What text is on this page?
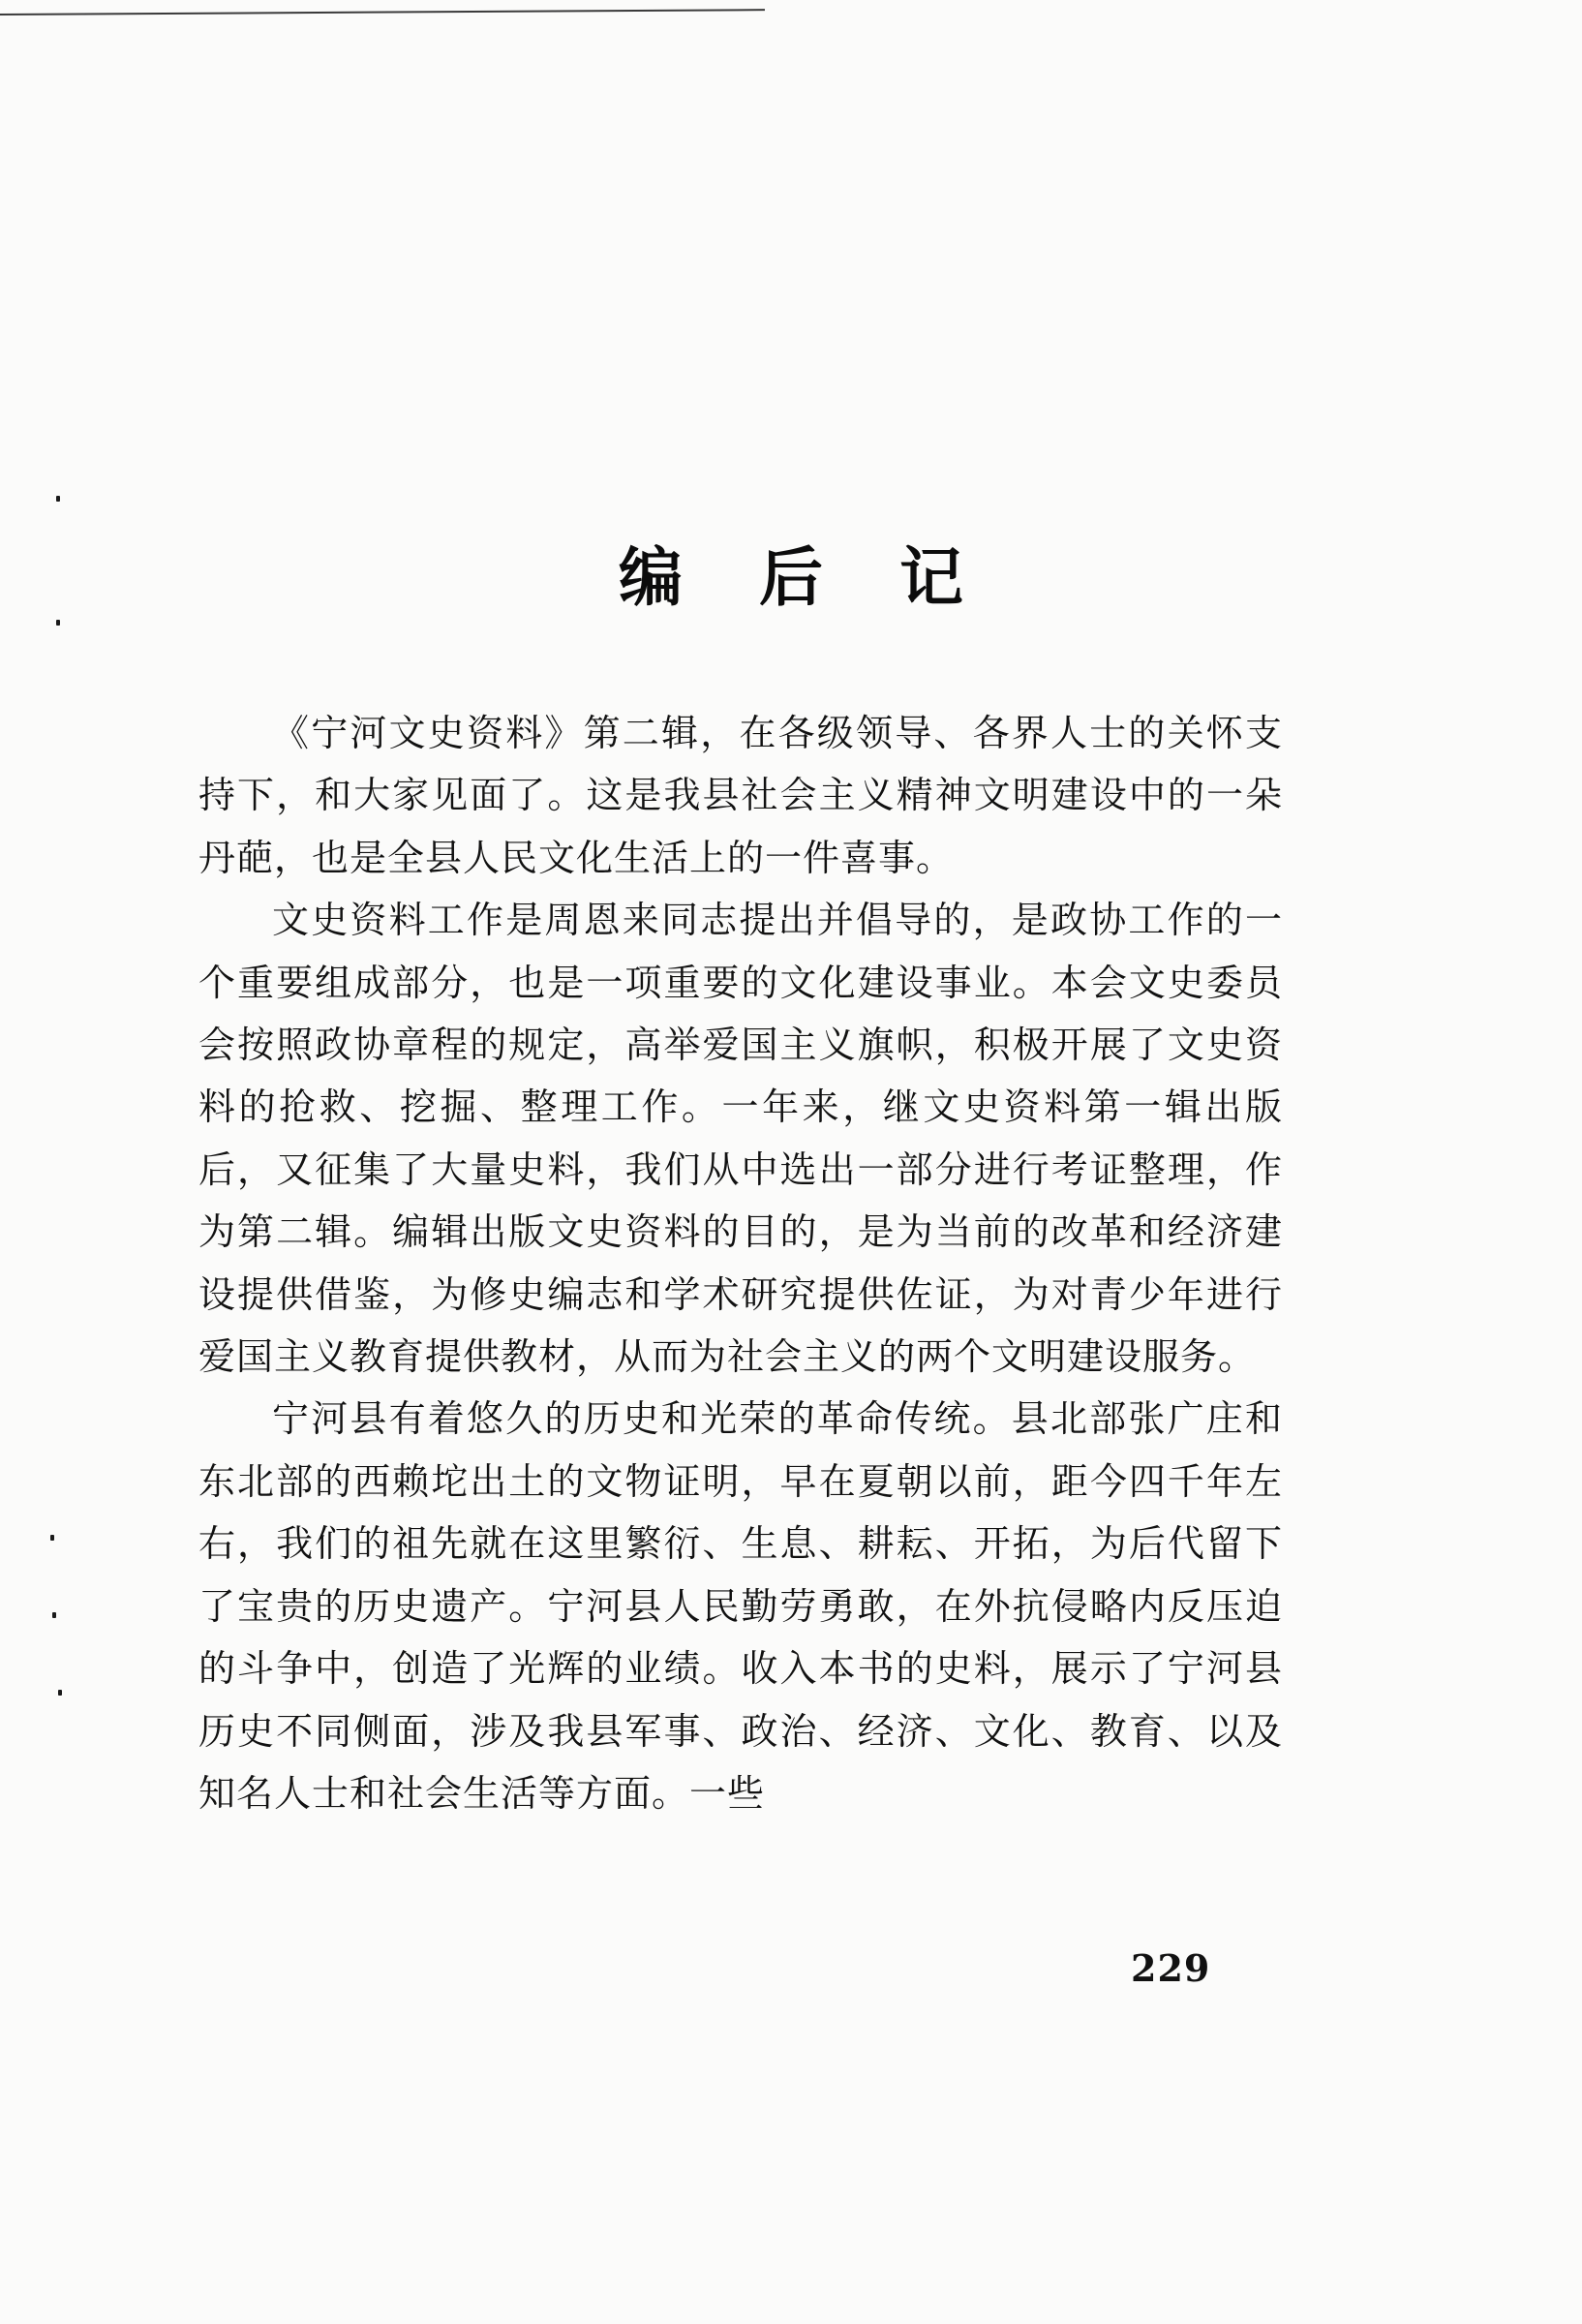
编 后 记

《宁河文史资料》第二辑，在各级领导、各界人士的关怀支持下，和大家见面了。这是我县社会主义精神文明建设中的一朵丹葩，也是全县人民文化生活上的一件喜事。

文史资料工作是周恩来同志提出并倡导的，是政协工作的一个重要组成部分，也是一项重要的文化建设事业。本会文史委员会按照政协章程的规定，高举爱国主义旗帜，积极开展了文史资料的抢救、挖掘、整理工作。一年来，继文史资料第一辑出版后，又征集了大量史料，我们从中选出一部分进行考证整理，作为第二辑。编辑出版文史资料的目的，是为当前的改革和经济建设提供借鉴，为修史编志和学术研究提供佐证，为对青少年进行爱国主义教育提供教材，从而为社会主义的两个文明建设服务。

宁河县有着悠久的历史和光荣的革命传统。县北部张广庄和东北部的西赖坨出土的文物证明，早在夏朝以前，距今四千年左右，我们的祖先就在这里繁衍、生息、耕耘、开拓，为后代留下了宝贵的历史遗产。宁河县人民勤劳勇敢，在外抗侵略内反压迫的斗争中，创造了光辉的业绩。收入本书的史料，展示了宁河县历史不同侧面，涉及我县军事、政治、经济、文化、教育、以及知名人士和社会生活等方面。一些

229
